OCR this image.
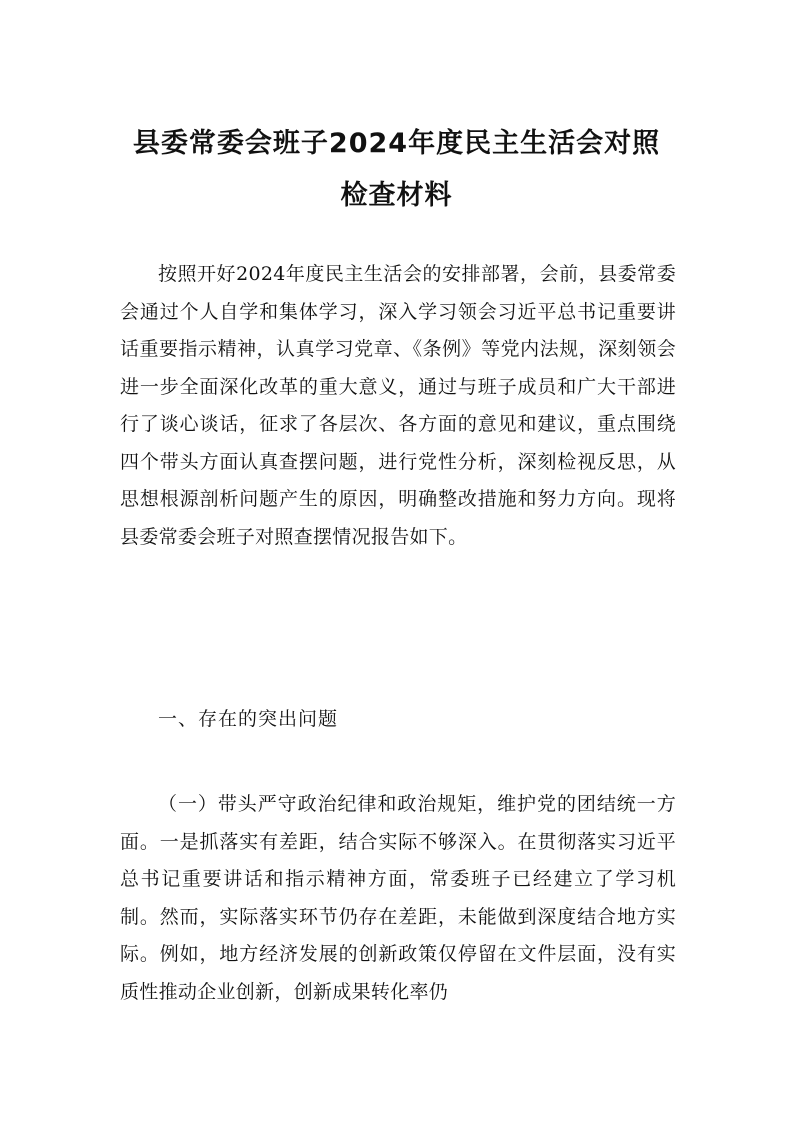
县委常委会班子2024年度民主生活会对照
检查材料

按照开好2024年度民主生活会的安排部署，会前，县委常委会通过个人自学和集体学习，深入学习领会习近平总书记重要讲话重要指示精神，认真学习党章、《条例》等党内法规，深刻领会进一步全面深化改革的重大意义，通过与班子成员和广大干部进行了谈心谈话，征求了各层次、各方面的意见和建议，重点围绕四个带头方面认真查摆问题，进行党性分析，深刻检视反思，从思想根源剖析问题产生的原因，明确整改措施和努力方向。现将县委常委会班子对照查摆情况报告如下。

一、存在的突出问题

（一）带头严守政治纪律和政治规矩，维护党的团结统一方面。一是抓落实有差距，结合实际不够深入。在贯彻落实习近平总书记重要讲话和指示精神方面，常委班子已经建立了学习机制。然而，实际落实环节仍存在差距，未能做到深度结合地方实际。例如，地方经济发展的创新政策仅停留在文件层面，没有实质性推动企业创新，创新成果转化率仍
